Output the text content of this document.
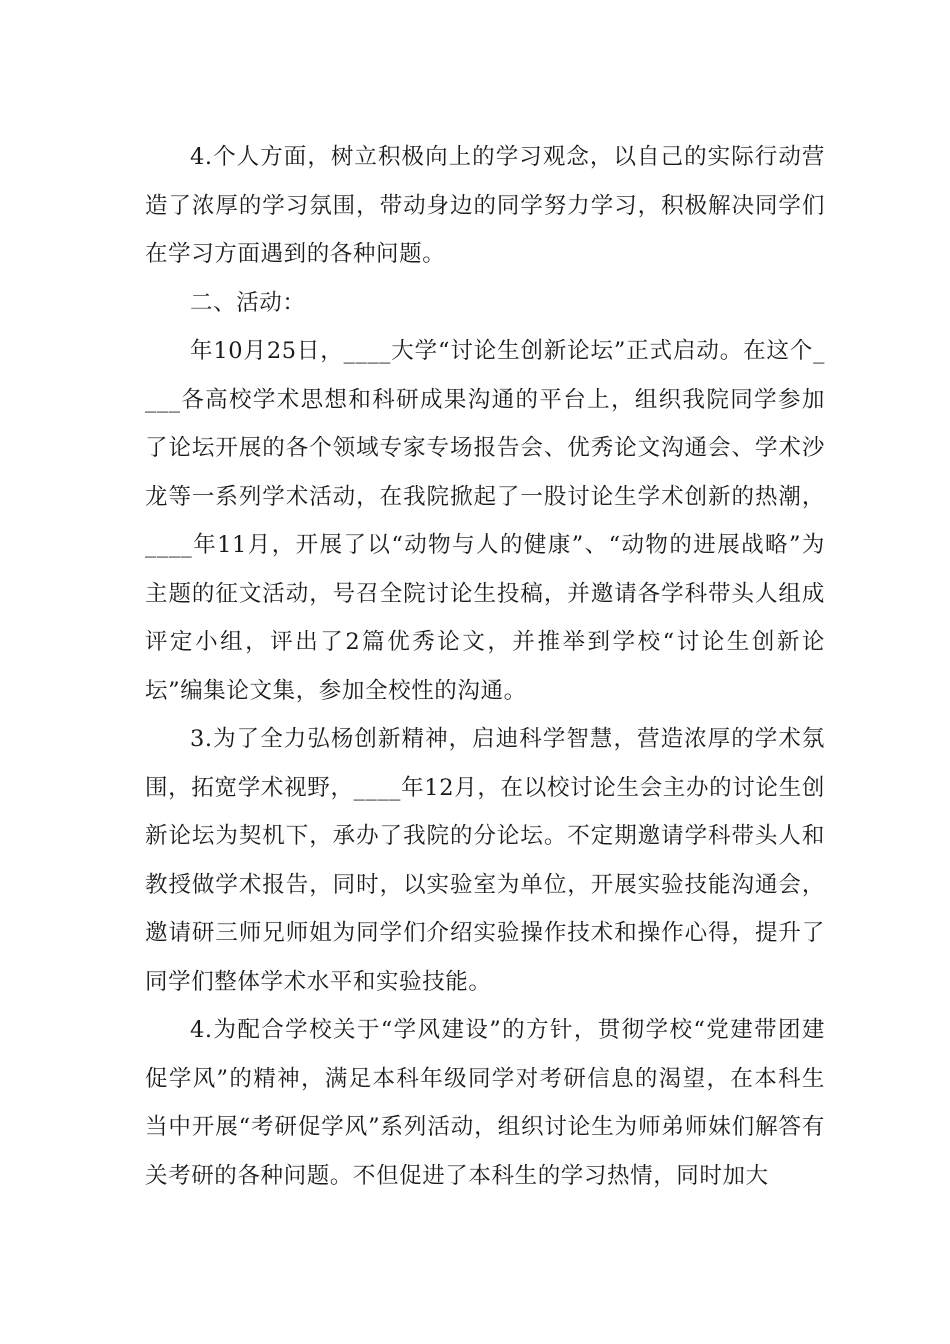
4.个人方面，树立积极向上的学习观念，以自己的实际行动营造了浓厚的学习氛围，带动身边的同学努力学习，积极解决同学们在学习方面遇到的各种问题。

二、活动：

年10月25日，____大学“讨论生创新论坛”正式启动。在这个____各高校学术思想和科研成果沟通的平台上，组织我院同学参加了论坛开展的各个领域专家专场报告会、优秀论文沟通会、学术沙龙等一系列学术活动，在我院掀起了一股讨论生学术创新的热潮，____年11月，开展了以“动物与人的健康”、“动物的进展战略”为主题的征文活动，号召全院讨论生投稿，并邀请各学科带头人组成评定小组，评出了2篇优秀论文，并推举到学校“讨论生创新论坛”编集论文集，参加全校性的沟通。

3.为了全力弘杨创新精神，启迪科学智慧，营造浓厚的学术氛围，拓宽学术视野，____年12月，在以校讨论生会主办的讨论生创新论坛为契机下，承办了我院的分论坛。不定期邀请学科带头人和教授做学术报告，同时，以实验室为单位，开展实验技能沟通会，邀请研三师兄师姐为同学们介绍实验操作技术和操作心得，提升了同学们整体学术水平和实验技能。

4.为配合学校关于“学风建设”的方针，贯彻学校“党建带团建促学风”的精神，满足本科年级同学对考研信息的渴望，在本科生当中开展“考研促学风”系列活动，组织讨论生为师弟师妹们解答有关考研的各种问题。不但促进了本科生的学习热情，同时加大
